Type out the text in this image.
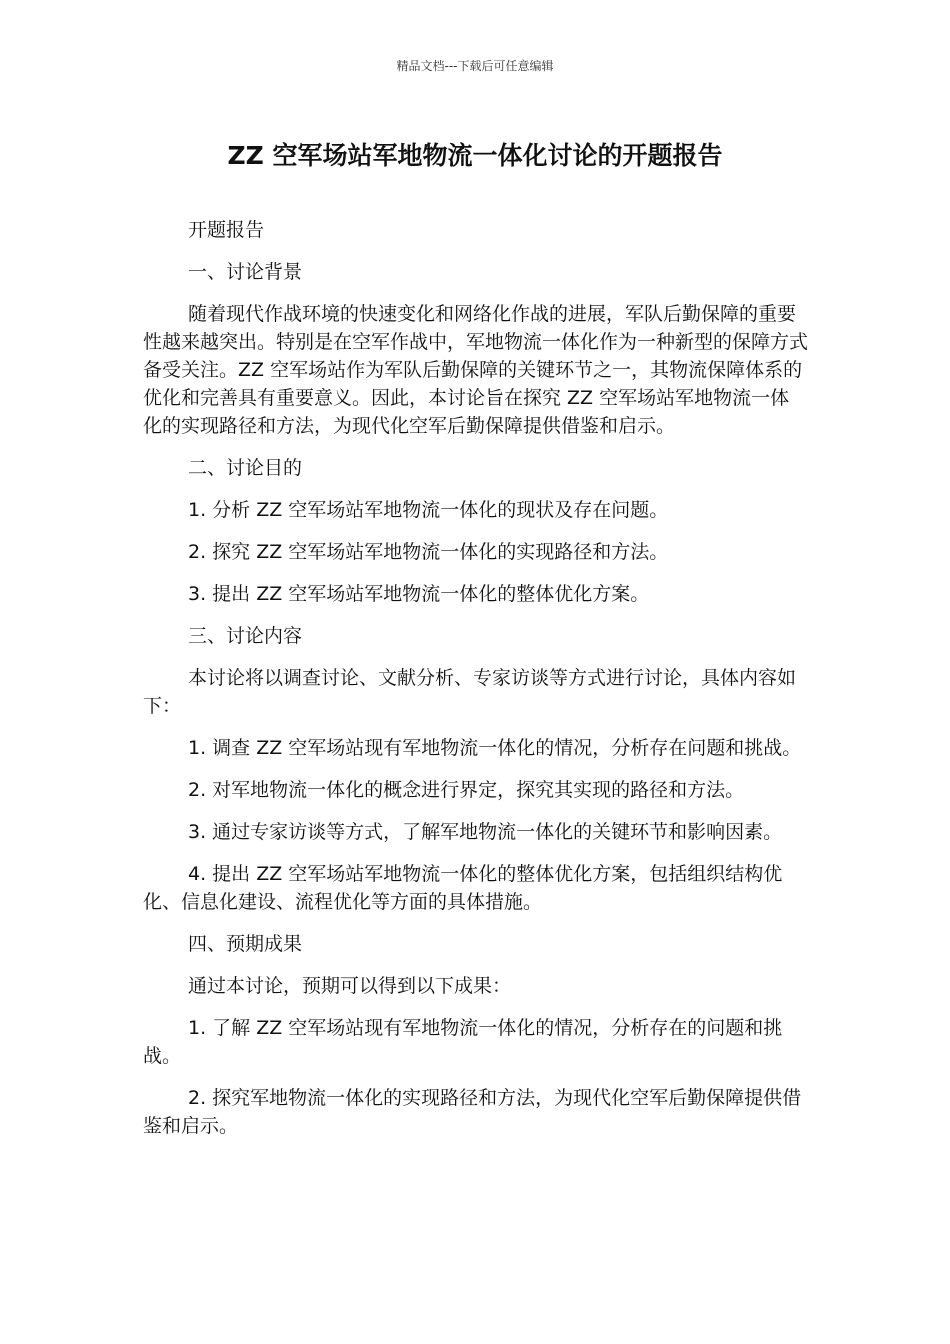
精品文档---下载后可任意编辑
ZZ 空军场站军地物流一体化讨论的开题报告

开题报告

一、讨论背景

随着现代作战环境的快速变化和网络化作战的进展，军队后勤保障的重要性越来越突出。特别是在空军作战中，军地物流一体化作为一种新型的保障方式备受关注。ZZ 空军场站作为军队后勤保障的关键环节之一，其物流保障体系的优化和完善具有重要意义。因此，本讨论旨在探究 ZZ 空军场站军地物流一体化的实现路径和方法，为现代化空军后勤保障提供借鉴和启示。

二、讨论目的

1. 分析 ZZ 空军场站军地物流一体化的现状及存在问题。

2. 探究 ZZ 空军场站军地物流一体化的实现路径和方法。

3. 提出 ZZ 空军场站军地物流一体化的整体优化方案。

三、讨论内容

本讨论将以调查讨论、文献分析、专家访谈等方式进行讨论，具体内容如下：

1. 调查 ZZ 空军场站现有军地物流一体化的情况，分析存在问题和挑战。

2. 对军地物流一体化的概念进行界定，探究其实现的路径和方法。

3. 通过专家访谈等方式，了解军地物流一体化的关键环节和影响因素。

4. 提出 ZZ 空军场站军地物流一体化的整体优化方案，包括组织结构优化、信息化建设、流程优化等方面的具体措施。

四、预期成果

通过本讨论，预期可以得到以下成果：

1. 了解 ZZ 空军场站现有军地物流一体化的情况，分析存在的问题和挑战。

2. 探究军地物流一体化的实现路径和方法，为现代化空军后勤保障提供借鉴和启示。
